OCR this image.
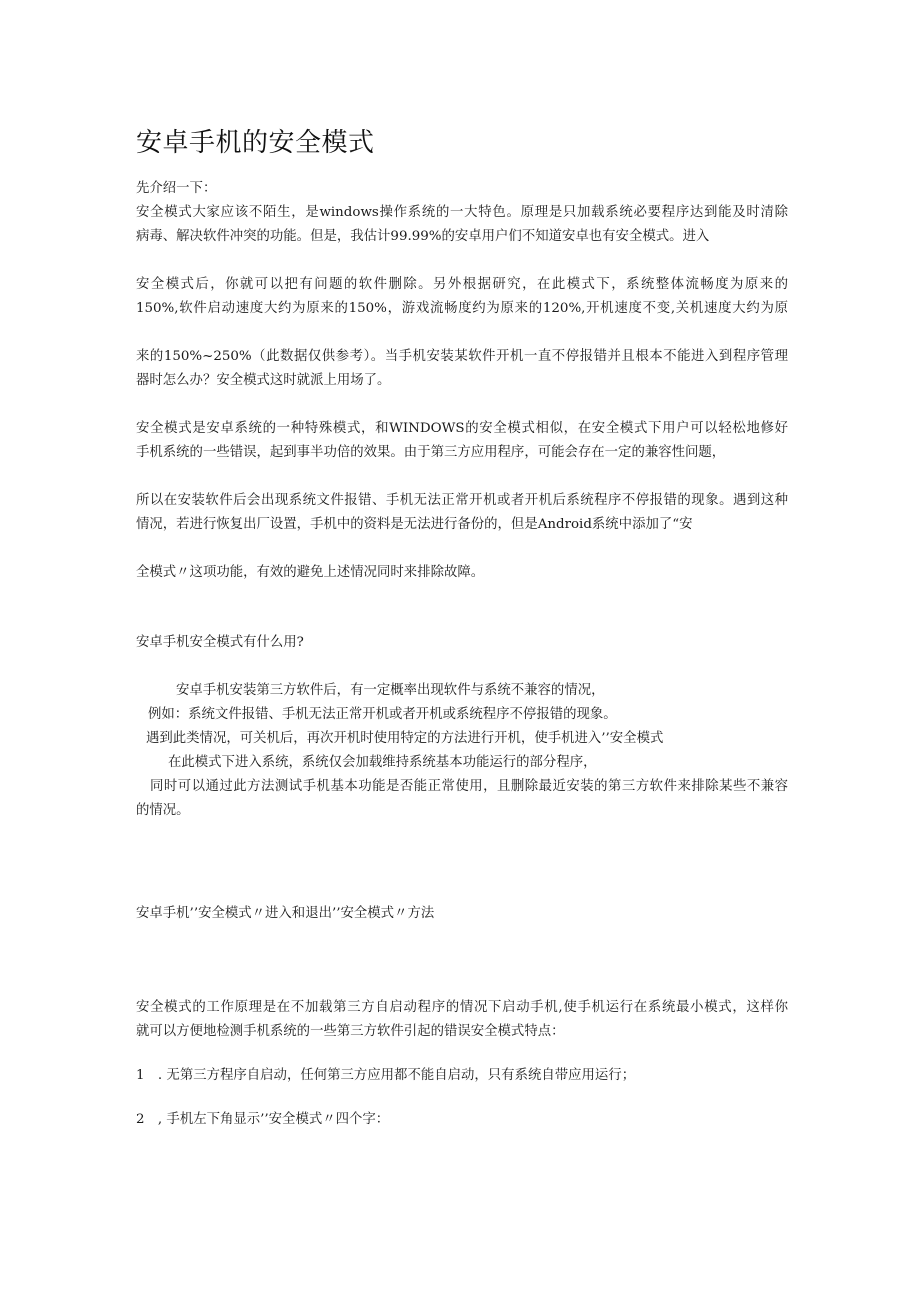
安卓手机的安全模式
先介绍一下：
安全模式大家应该不陌生，是windows操作系统的一大特色。原理是只加载系统必要程序达到能及时清除
病毒、解决软件冲突的功能。但是，我估计99.99%的安卓用户们不知道安卓也有安全模式。进入
安全模式后，你就可以把有问题的软件删除。另外根据研究，在此模式下，系统整体流畅度为原来的
150%,软件启动速度大约为原来的150%，游戏流畅度约为原来的120%,开机速度不变,关机速度大约为原
来的150%~250%（此数据仅供参考）。当手机安装某软件开机一直不停报错并且根本不能进入到程序管理
器时怎么办？安全模式这时就派上用场了。
安全模式是安卓系统的一种特殊模式，和WINDOWS的安全模式相似，在安全模式下用户可以轻松地修好
手机系统的一些错误，起到事半功倍的效果。由于第三方应用程序，可能会存在一定的兼容性问题，
所以在安装软件后会出现系统文件报错、手机无法正常开机或者开机后系统程序不停报错的现象。遇到这种
情况，若进行恢复出厂设置，手机中的资料是无法进行备份的，但是Android系统中添加了“安
全模式〃这项功能，有效的避免上述情况同时来排除故障。
安卓手机安全模式有什么用?
安卓手机安装第三方软件后，有一定概率出现软件与系统不兼容的情况，
例如：系统文件报错、手机无法正常开机或者开机或系统程序不停报错的现象。
遇到此类情况，可关机后，再次开机时使用特定的方法进行开机，使手机进入’’安全模式
在此模式下进入系统，系统仅会加载维持系统基本功能运行的部分程序，
同时可以通过此方法测试手机基本功能是否能正常使用，且删除最近安装的第三方软件来排除某些不兼容
的情况。
安卓手机’’安全模式〃进入和退出’’安全模式〃方法
安全模式的工作原理是在不加载第三方自启动程序的情况下启动手机,使手机运行在系统最小模式，这样你
就可以方便地检测手机系统的一些第三方软件引起的错误安全模式特点：
1　. 无第三方程序自启动，任何第三方应用都不能自启动，只有系统自带应用运行；
2　, 手机左下角显示’’安全模式〃四个字：
